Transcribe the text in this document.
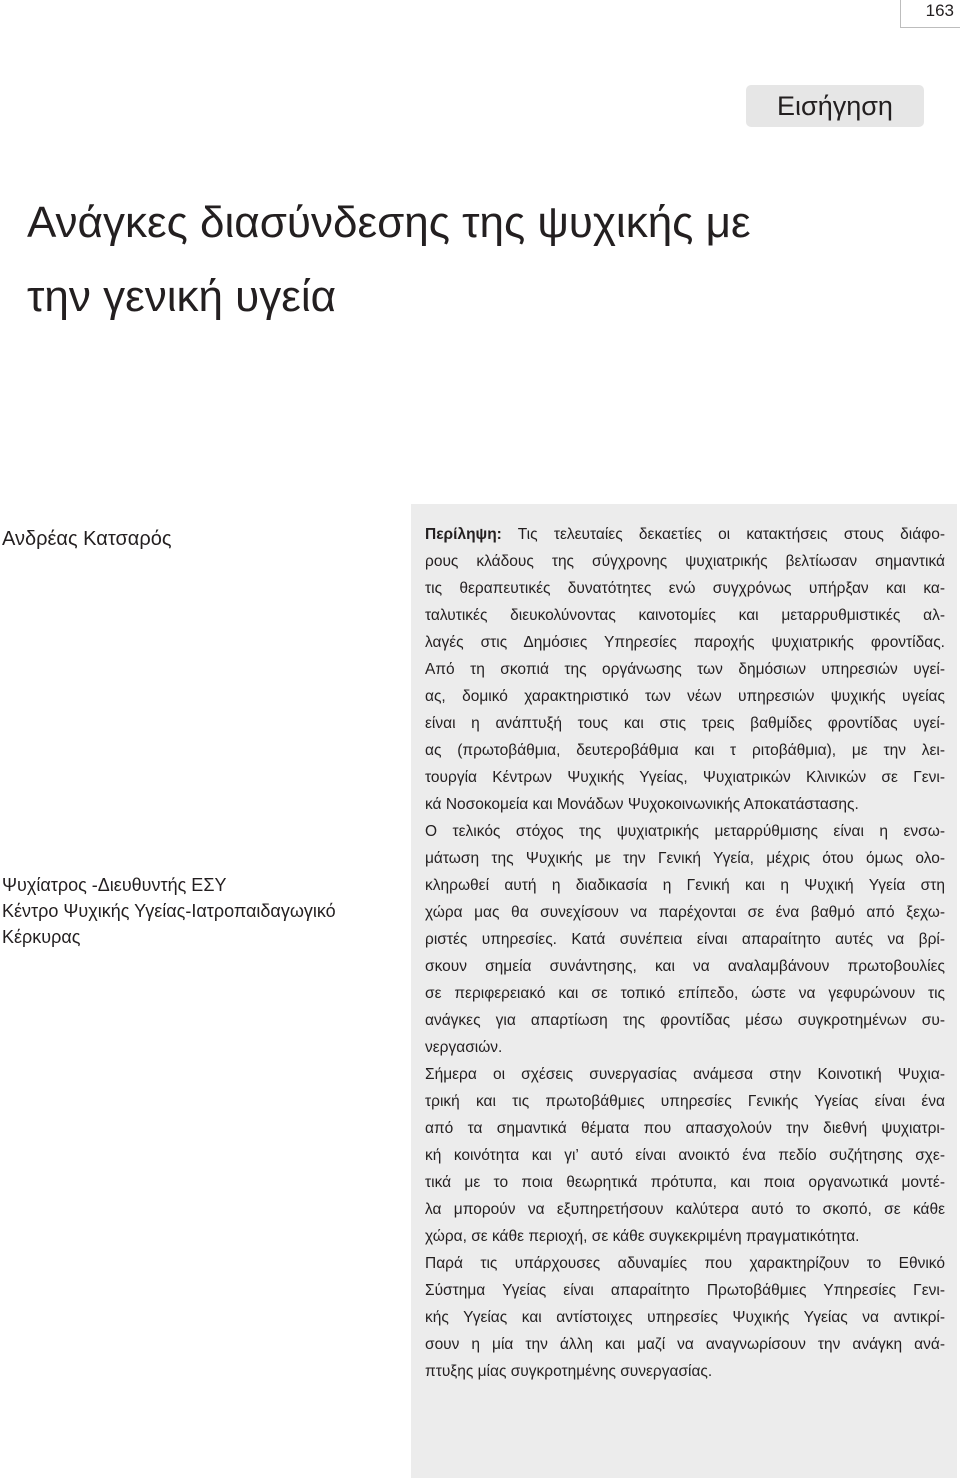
163
Εισήγηση
Ανάγκες διασύνδεσης της ψυχικής με
την γενική υγεία
Ανδρέας Κατσαρός
Ψυχίατρος -Διευθυντής ΕΣΥ
Κέντρο Ψυχικής Υγείας-Ιατροπαιδαγωγικό
Κέρκυρας
Περίληψη: Τις τελευταίες δεκαετίες οι κατακτήσεις στους διάφο-
ρους κλάδους της σύγχρονης ψυχιατρικής βελτίωσαν σημαντικά
τις θεραπευτικές δυνατότητες ενώ συγχρόνως υπήρξαν και κα-
ταλυτικές διευκολύνοντας καινοτομίες και μεταρρυθμιστικές αλ-
λαγές στις Δημόσιες Υπηρεσίες παροχής ψυχιατρικής φροντίδας.
Από τη σκοπιά της οργάνωσης των δημόσιων υπηρεσιών υγεί-
ας, δομικό χαρακτηριστικό των νέων υπηρεσιών ψυχικής υγείας
είναι η ανάπτυξή τους και στις τρεις βαθμίδες φροντίδας υγεί-
ας (πρωτοβάθμια, δευτεροβάθμια και τ ριτοβάθμια), με την λει-
τουργία Κέντρων Ψυχικής Υγείας, Ψυχιατρικών Κλινικών σε Γενι-
κά Νοσοκομεία και Μονάδων Ψυχοκοινωνικής Αποκατάστασης.
Ο τελικός στόχος της ψυχιατρικής μεταρρύθμισης είναι η ενσω-
μάτωση της Ψυχικής με την Γενική Υγεία, μέχρις ότου όμως ολο-
κληρωθεί αυτή η διαδικασία η Γενική και η Ψυχική Υγεία στη
χώρα μας θα συνεχίσουν να παρέχονται σε ένα βαθμό από ξεχω-
ριστές υπηρεσίες. Κατά συνέπεια είναι απαραίτητο αυτές να βρί-
σκουν σημεία συνάντησης, και να αναλαμβάνουν πρωτοβουλίες
σε περιφερειακό και σε τοπικό επίπεδο, ώστε να γεφυρώνουν τις
ανάγκες για απαρτίωση της φροντίδας μέσω συγκροτημένων συ-
νεργασιών.
Σήμερα οι σχέσεις συνεργασίας ανάμεσα στην Κοινοτική Ψυχια-
τρική και τις πρωτοβάθμιες υπηρεσίες Γενικής Υγείας είναι ένα
από τα σημαντικά θέματα που απασχολούν την διεθνή ψυχιατρι-
κή κοινότητα και γι’ αυτό είναι ανοικτό ένα πεδίο συζήτησης σχε-
τικά με το ποια θεωρητικά πρότυπα, και ποια οργανωτικά μοντέ-
λα μπορούν να εξυπηρετήσουν καλύτερα αυτό το σκοπό, σε κάθε
χώρα, σε κάθε περιοχή, σε κάθε συγκεκριμένη πραγματικότητα.
Παρά τις υπάρχουσες αδυναμίες που χαρακτηρίζουν το Εθνικό
Σύστημα Υγείας είναι απαραίτητο Πρωτοβάθμιες Υπηρεσίες Γενι-
κής Υγείας και αντίστοιχες υπηρεσίες Ψυχικής Υγείας να αντικρί-
σουν η μία την άλλη και μαζί να αναγνωρίσουν την ανάγκη ανά-
πτυξης μίας συγκροτημένης συνεργασίας.
